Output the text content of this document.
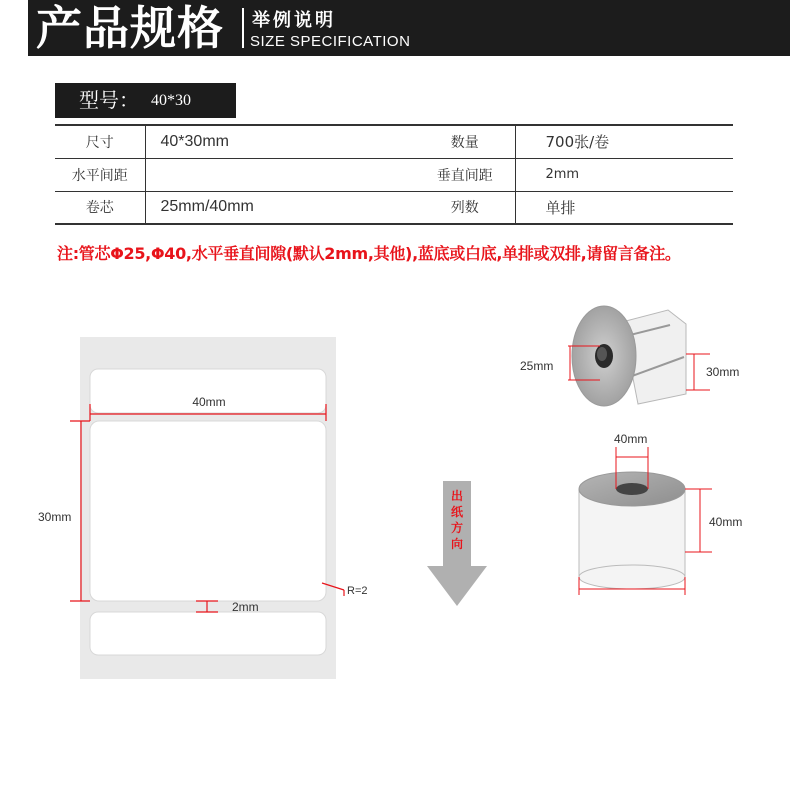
产品规格 举例说明
SIZE SPECIFICATION
型号： 40*30
尺寸	40*30mm	数量	700张/卷
水平间距		垂直间距	2mm
卷芯	25mm/40mm	列数	单排
注:管芯Φ25,Φ40,水平垂直间隙(默认2mm,其他),蓝底或白底,单排或双排,请留言备注。
40mm
30mm
2mm
R=2
出
纸
方
向
25mm	30mm
40mm
40mm
